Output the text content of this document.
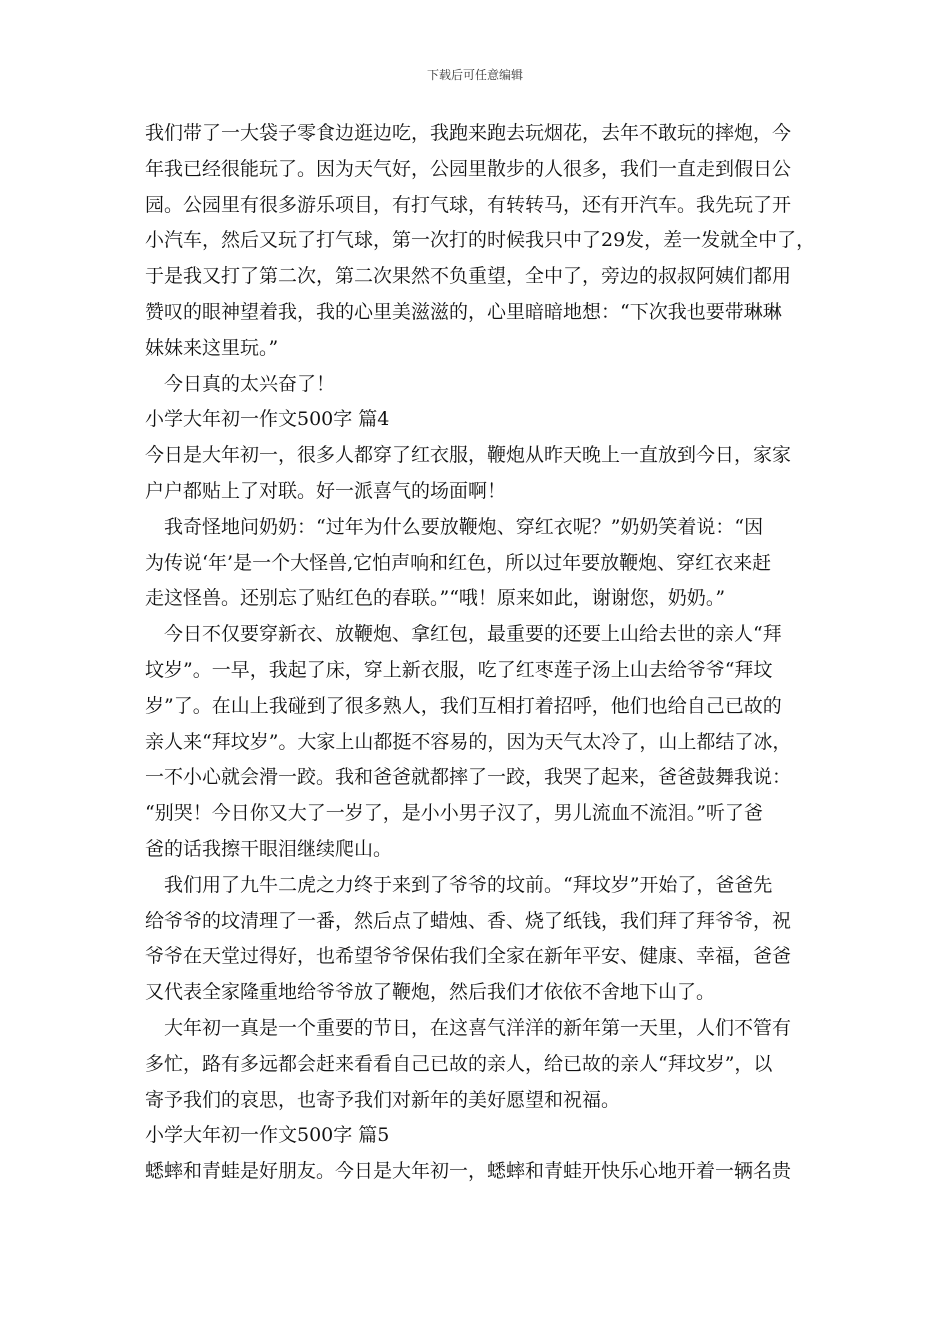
下载后可任意编辑
我们带了一大袋子零食边逛边吃，我跑来跑去玩烟花，去年不敢玩的摔炮，今
年我已经很能玩了。因为天气好，公园里散步的人很多，我们一直走到假日公
园。公园里有很多游乐项目，有打气球，有转转马，还有开汽车。我先玩了开
小汽车，然后又玩了打气球，第一次打的时候我只中了29发，差一发就全中了，
于是我又打了第二次，第二次果然不负重望，全中了，旁边的叔叔阿姨们都用
赞叹的眼神望着我，我的心里美滋滋的，心里暗暗地想：“下次我也要带琳琳
妹妹来这里玩。”
　今日真的太兴奋了！
小学大年初一作文500字 篇4
今日是大年初一，很多人都穿了红衣服，鞭炮从昨天晚上一直放到今日，家家
户户都贴上了对联。好一派喜气的场面啊！
　我奇怪地问奶奶：“过年为什么要放鞭炮、穿红衣呢？”奶奶笑着说：“因
为传说‘年’是一个大怪兽,它怕声响和红色，所以过年要放鞭炮、穿红衣来赶
走这怪兽。还别忘了贴红色的春联。”“哦！原来如此，谢谢您，奶奶。”
　今日不仅要穿新衣、放鞭炮、拿红包，最重要的还要上山给去世的亲人“拜
坟岁”。一早，我起了床，穿上新衣服，吃了红枣莲子汤上山去给爷爷“拜坟
岁”了。在山上我碰到了很多熟人，我们互相打着招呼，他们也给自己已故的
亲人来“拜坟岁”。大家上山都挺不容易的，因为天气太冷了，山上都结了冰，
一不小心就会滑一跤。我和爸爸就都摔了一跤，我哭了起来，爸爸鼓舞我说：
“别哭！今日你又大了一岁了，是小小男子汉了，男儿流血不流泪。”听了爸
爸的话我擦干眼泪继续爬山。
　我们用了九牛二虎之力终于来到了爷爷的坟前。“拜坟岁”开始了，爸爸先
给爷爷的坟清理了一番，然后点了蜡烛、香、烧了纸钱，我们拜了拜爷爷，祝
爷爷在天堂过得好，也希望爷爷保佑我们全家在新年平安、健康、幸福，爸爸
又代表全家隆重地给爷爷放了鞭炮，然后我们才依依不舍地下山了。
　大年初一真是一个重要的节日，在这喜气洋洋的新年第一天里，人们不管有
多忙，路有多远都会赶来看看自己已故的亲人，给已故的亲人“拜坟岁”，以
寄予我们的哀思，也寄予我们对新年的美好愿望和祝福。
小学大年初一作文500字 篇5
蟋蟀和青蛙是好朋友。今日是大年初一，蟋蟀和青蛙开快乐心地开着一辆名贵
